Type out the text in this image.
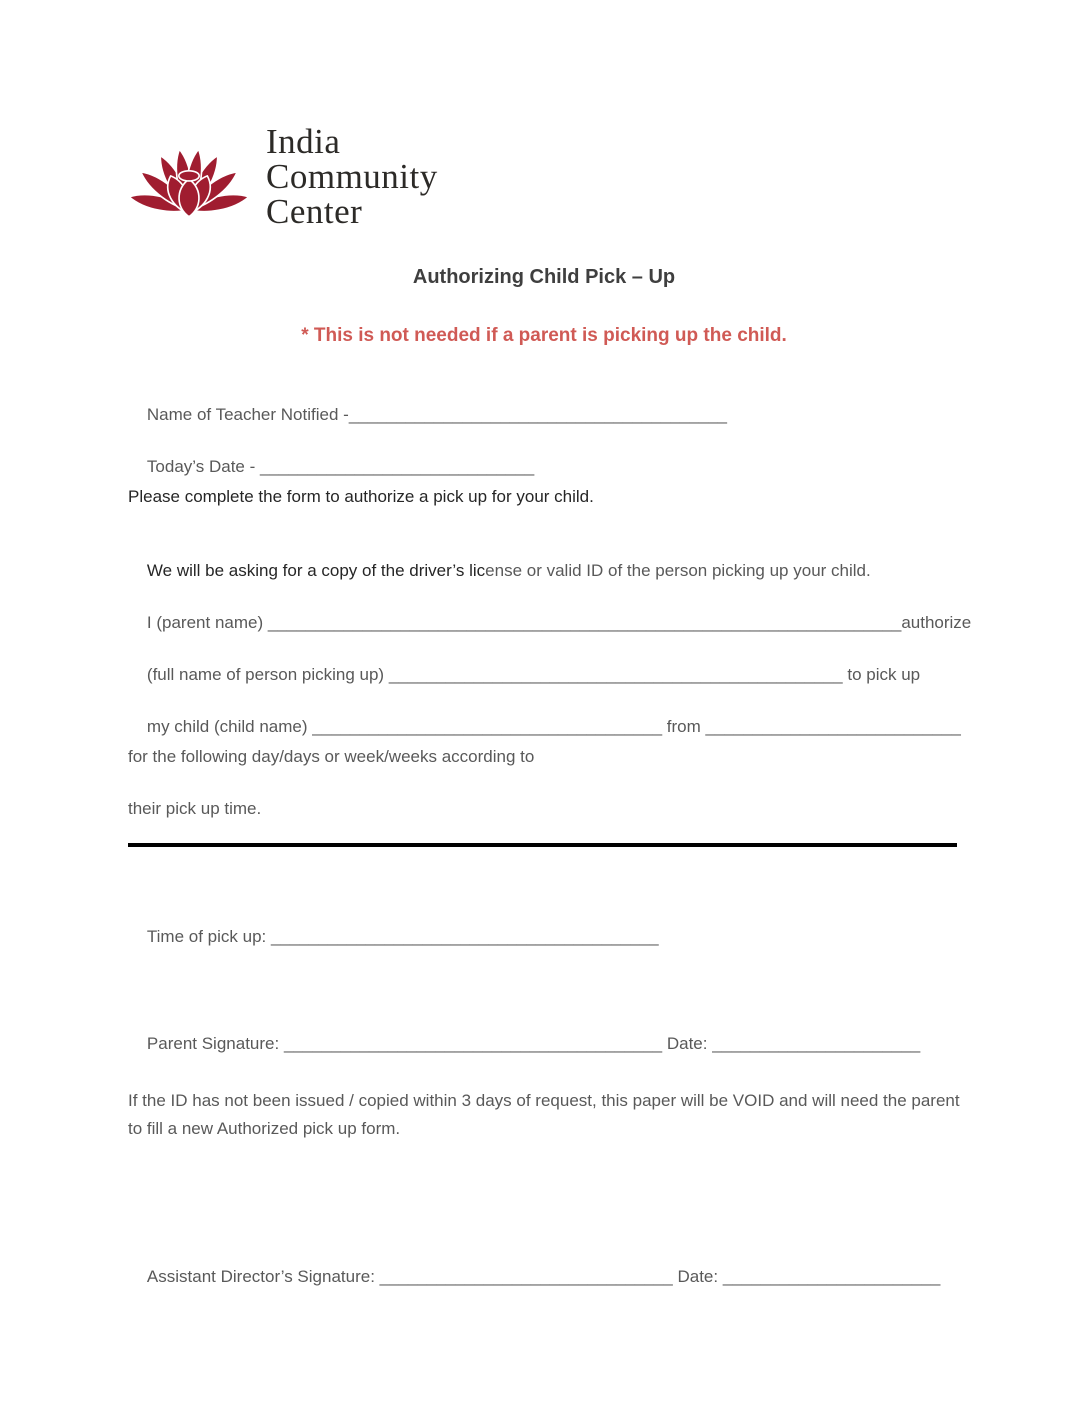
India
Community
Center
Authorizing Child Pick – Up
* This is not needed if a parent is picking up the child.

Name of Teacher Notified -________________________________________

Today’s Date - _____________________________

Please complete the form to authorize a pick up for your child.

We will be asking for a copy of the driver’s license or valid ID of the person picking up your child.

I (parent name) ___________________________________________________________________authorize

(full name of person picking up) ________________________________________________ to pick up

my child (child name) _____________________________________ from ___________________________

for the following day/days or week/weeks according to
their pick up time.

Time of pick up: _________________________________________

Parent Signature: ________________________________________ Date: ______________________

If the ID has not been issued / copied within 3 days of request, this paper will be VOID and will need the parent to fill a new Authorized pick up form.

Assistant Director’s Signature: _______________________________ Date: _______________________
